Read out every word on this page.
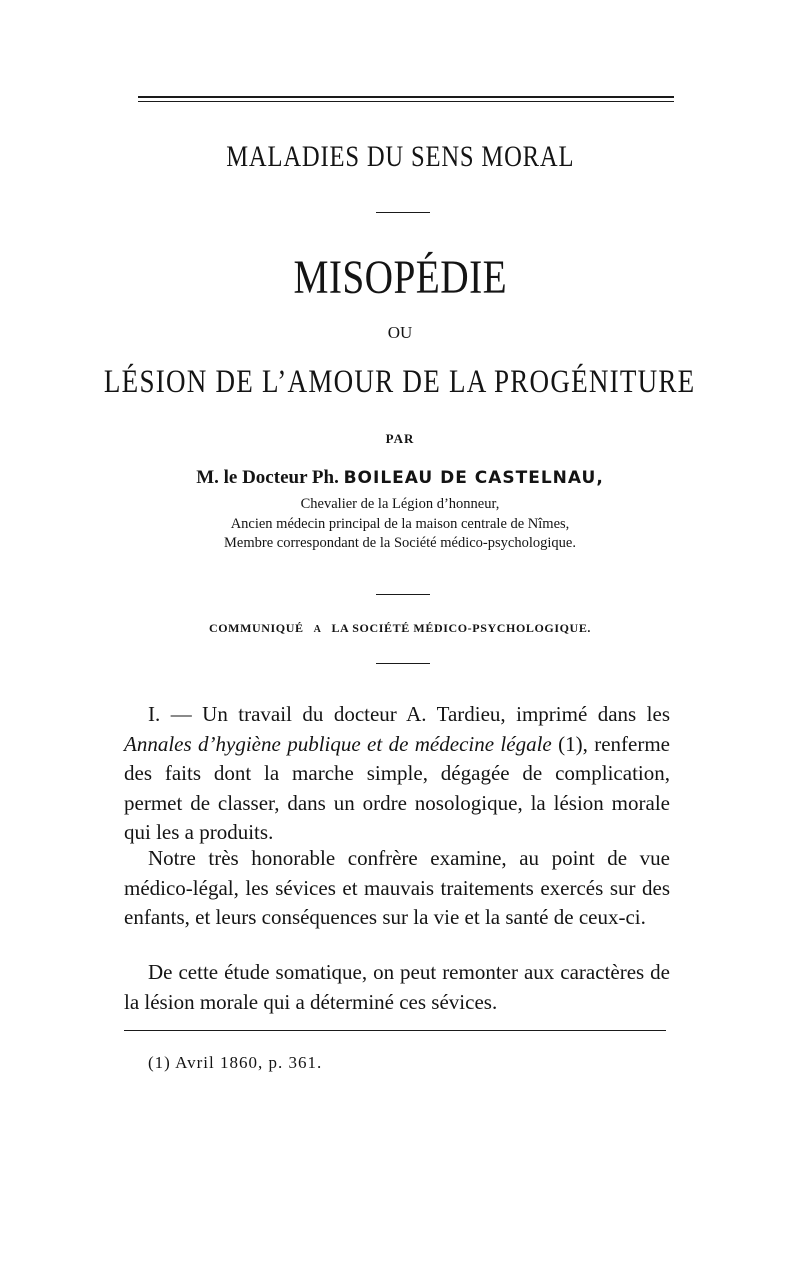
MALADIES DU SENS MORAL
MISOPÉDIE
OU
LÉSION DE L’AMOUR DE LA PROGÉNITURE
PAR
M. le Docteur Ph. BOILEAU DE CASTELNAU,
Chevalier de la Légion d’honneur,
Ancien médecin principal de la maison centrale de Nîmes,
Membre correspondant de la Société médico-psychologique.
COMMUNIQUÉ A LA SOCIÉTÉ MÉDICO-PSYCHOLOGIQUE.

I. — Un travail du docteur A. Tardieu, imprimé dans les Annales d’hygiène publique et de médecine légale (1), renferme des faits dont la marche simple, dégagée de complication, permet de classer, dans un ordre nosologique, la lésion morale qui les a produits.

Notre très honorable confrère examine, au point de vue médico-légal, les sévices et mauvais traitements exercés sur des enfants, et leurs conséquences sur la vie et la santé de ceux-ci.

De cette étude somatique, on peut remonter aux caractères de la lésion morale qui a déterminé ces sévices.

(1) Avril 1860, p. 361.
